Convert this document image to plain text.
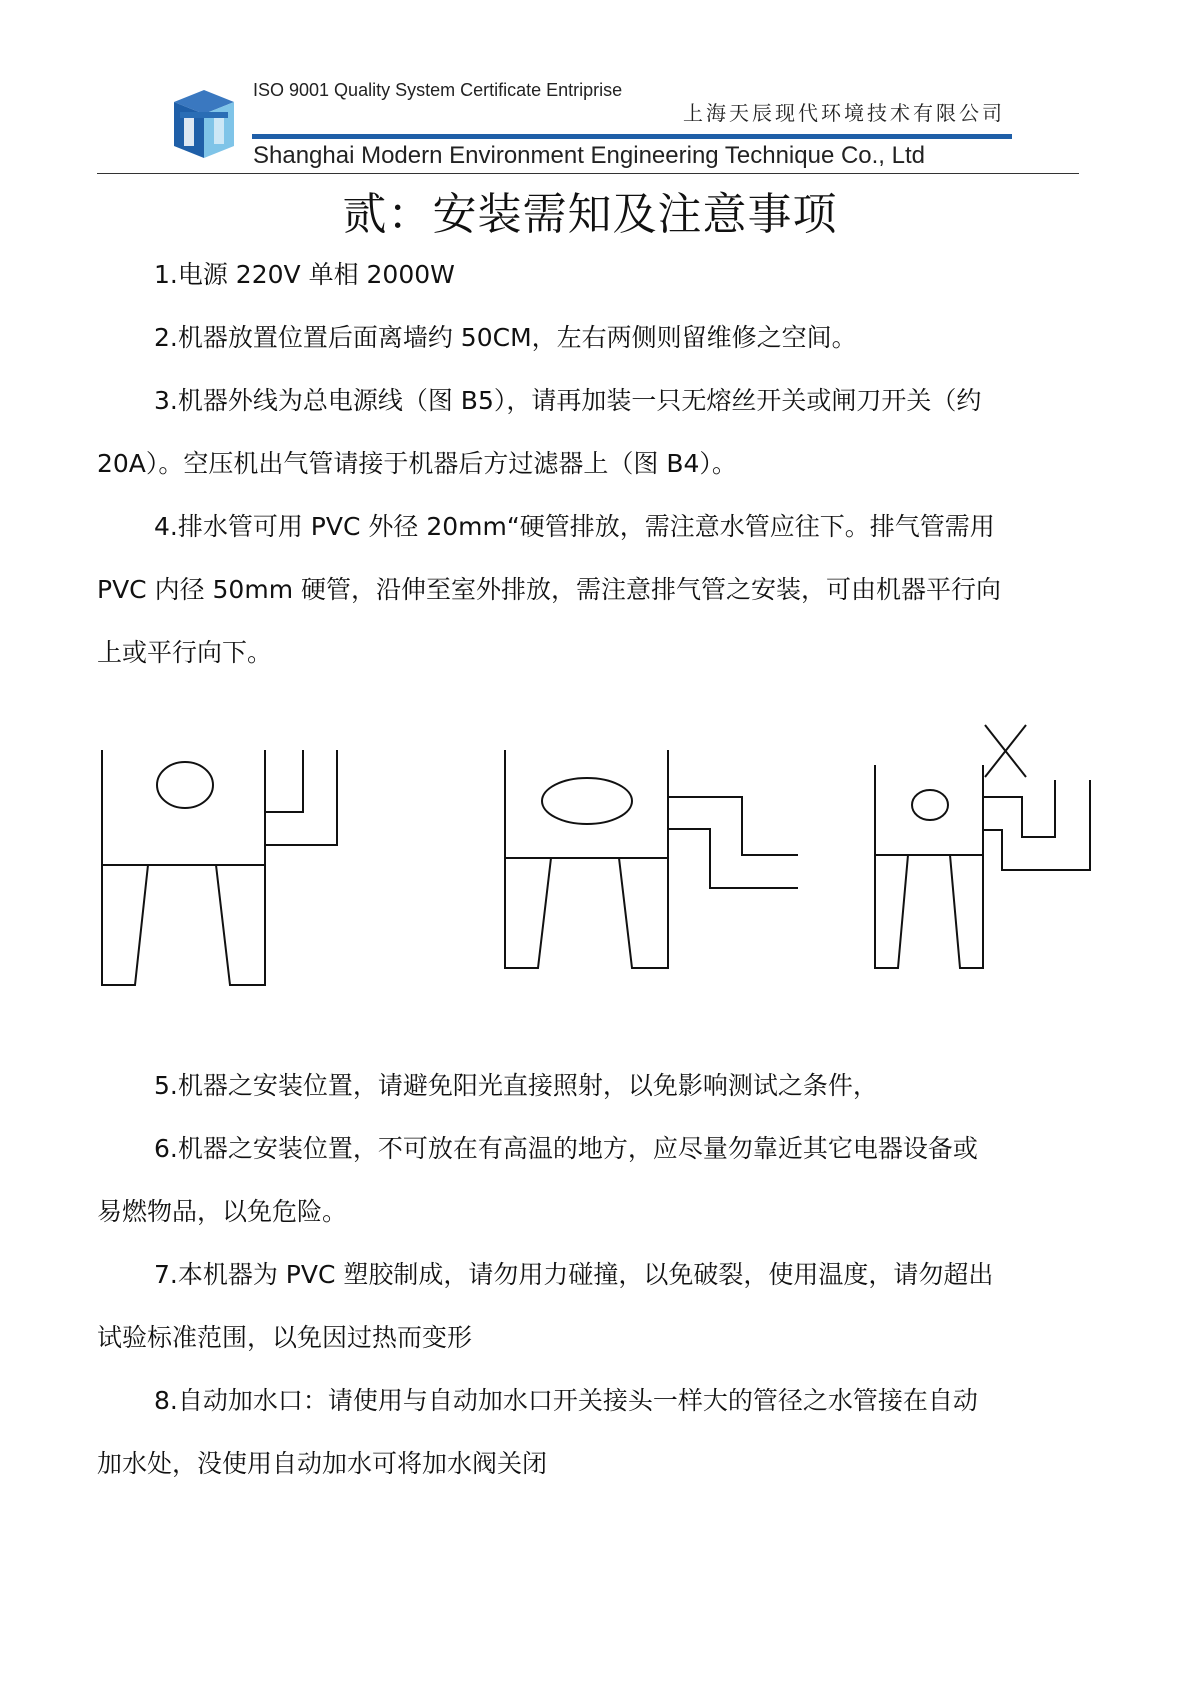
ISO 9001 Quality System Certificate Entriprise
上海天辰现代环境技术有限公司
Shanghai Modern Environment Engineering Technique Co., Ltd
贰：安装需知及注意事项
1.电源 220V 单相 2000W
2.机器放置位置后面离墙约 50CM，左右两侧则留维修之空间。
3.机器外线为总电源线（图 B5），请再加装一只无熔丝开关或闸刀开关（约
20A）。空压机出气管请接于机器后方过滤器上（图 B4）。
4.排水管可用 PVC 外径 20mm“硬管排放，需注意水管应往下。排气管需用
PVC 内径 50mm 硬管，沿伸至室外排放，需注意排气管之安装，可由机器平行向
上或平行向下。
5.机器之安装位置，请避免阳光直接照射，以免影响测试之条件，
6.机器之安装位置，不可放在有高温的地方，应尽量勿靠近其它电器设备或
易燃物品，以免危险。
7.本机器为 PVC 塑胶制成，请勿用力碰撞，以免破裂，使用温度，请勿超出
试验标准范围，以免因过热而变形
8.自动加水口：请使用与自动加水口开关接头一样大的管径之水管接在自动
加水处，没使用自动加水可将加水阀关闭
